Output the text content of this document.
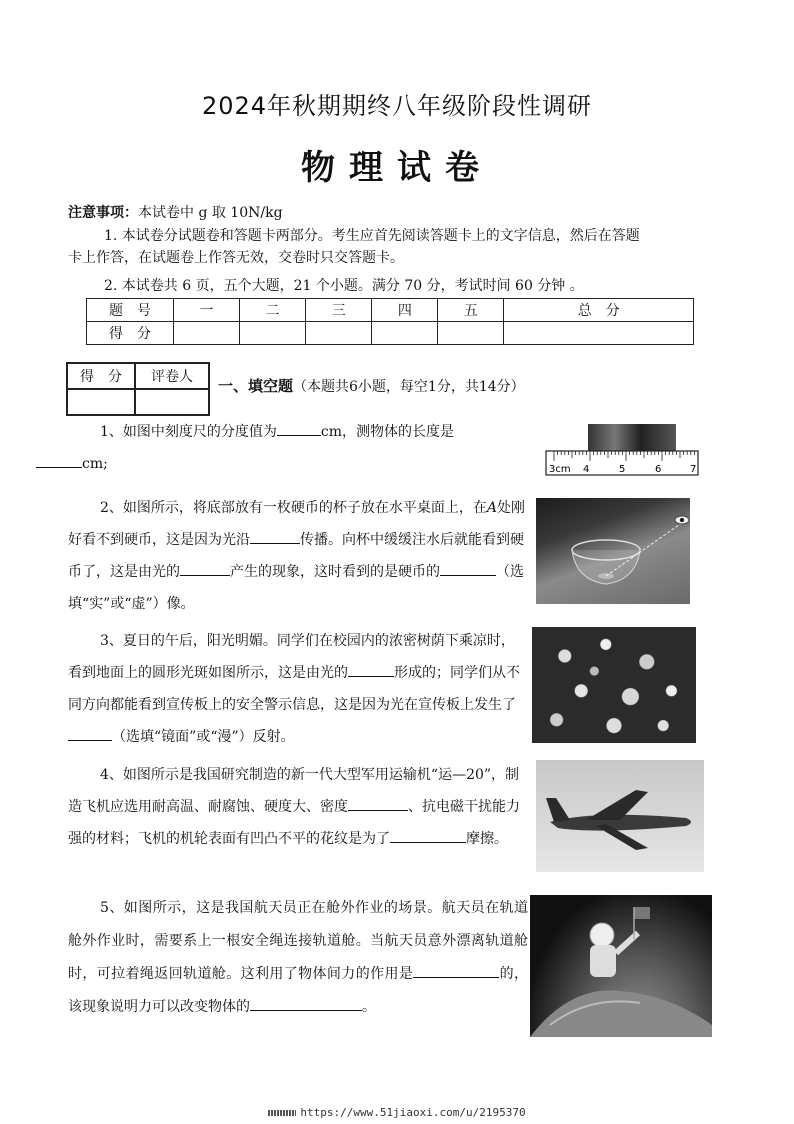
2024年秋期期终八年级阶段性调研
物理试卷
注意事项：本试卷中 g 取 10N/kg
1. 本试卷分试题卷和答题卡两部分。考生应首先阅读答题卡上的文字信息，然后在答题
卡上作答，在试题卷上作答无效，交卷时只交答题卡。
2. 本试卷共 6 页，五个大题，21 个小题。满分 70 分，考试时间 60 分钟 。
题　号	一	二	三	四	五	总　分
得　分						
得　分	评卷人
	一、填空题（本题共6小题，每空1分，共14分）
1、如图中刻度尺的分度值为	cm，测物体的长度是
cm;	3cm 4	5	6	7
2、如图所示，将底部放有一枚硬币的杯子放在水平桌面上，在A处刚好看不到硬币，这是因为光沿	传播。向杯中缓缓注水后就能看到硬币了，这是由光的	产生的现象，这时看到的是硬币的	（选填“实”或“虚”）像。
3、夏日的午后，阳光明媚。同学们在校园内的浓密树荫下乘凉时，看到地面上的圆形光斑如图所示，这是由光的	形成的；同学们从不同方向都能看到宣传板上的安全警示信息，这是因为光在宣传板上发生了（选填“镜面”或“漫”）反射。
4、如图所示是我国研究制造的新一代大型军用运输机“运—20”，制造飞机应选用耐高温、耐腐蚀、硬度大、密度	、抗电磁干扰能力强的材料；飞机的机轮表面有凹凸不平的花纹是为了	摩擦。
5、如图所示，这是我国航天员正在舱外作业的场景。航天员在轨道舱外作业时，需要系上一根安全绳连接轨道舱。当航天员意外漂离轨道舱时，可拉着绳返回轨道舱。这利用了物体间力的作用是	的，该现象说明力可以改变物体的	。
https://www.51jiaoxi.com/u/2195370
